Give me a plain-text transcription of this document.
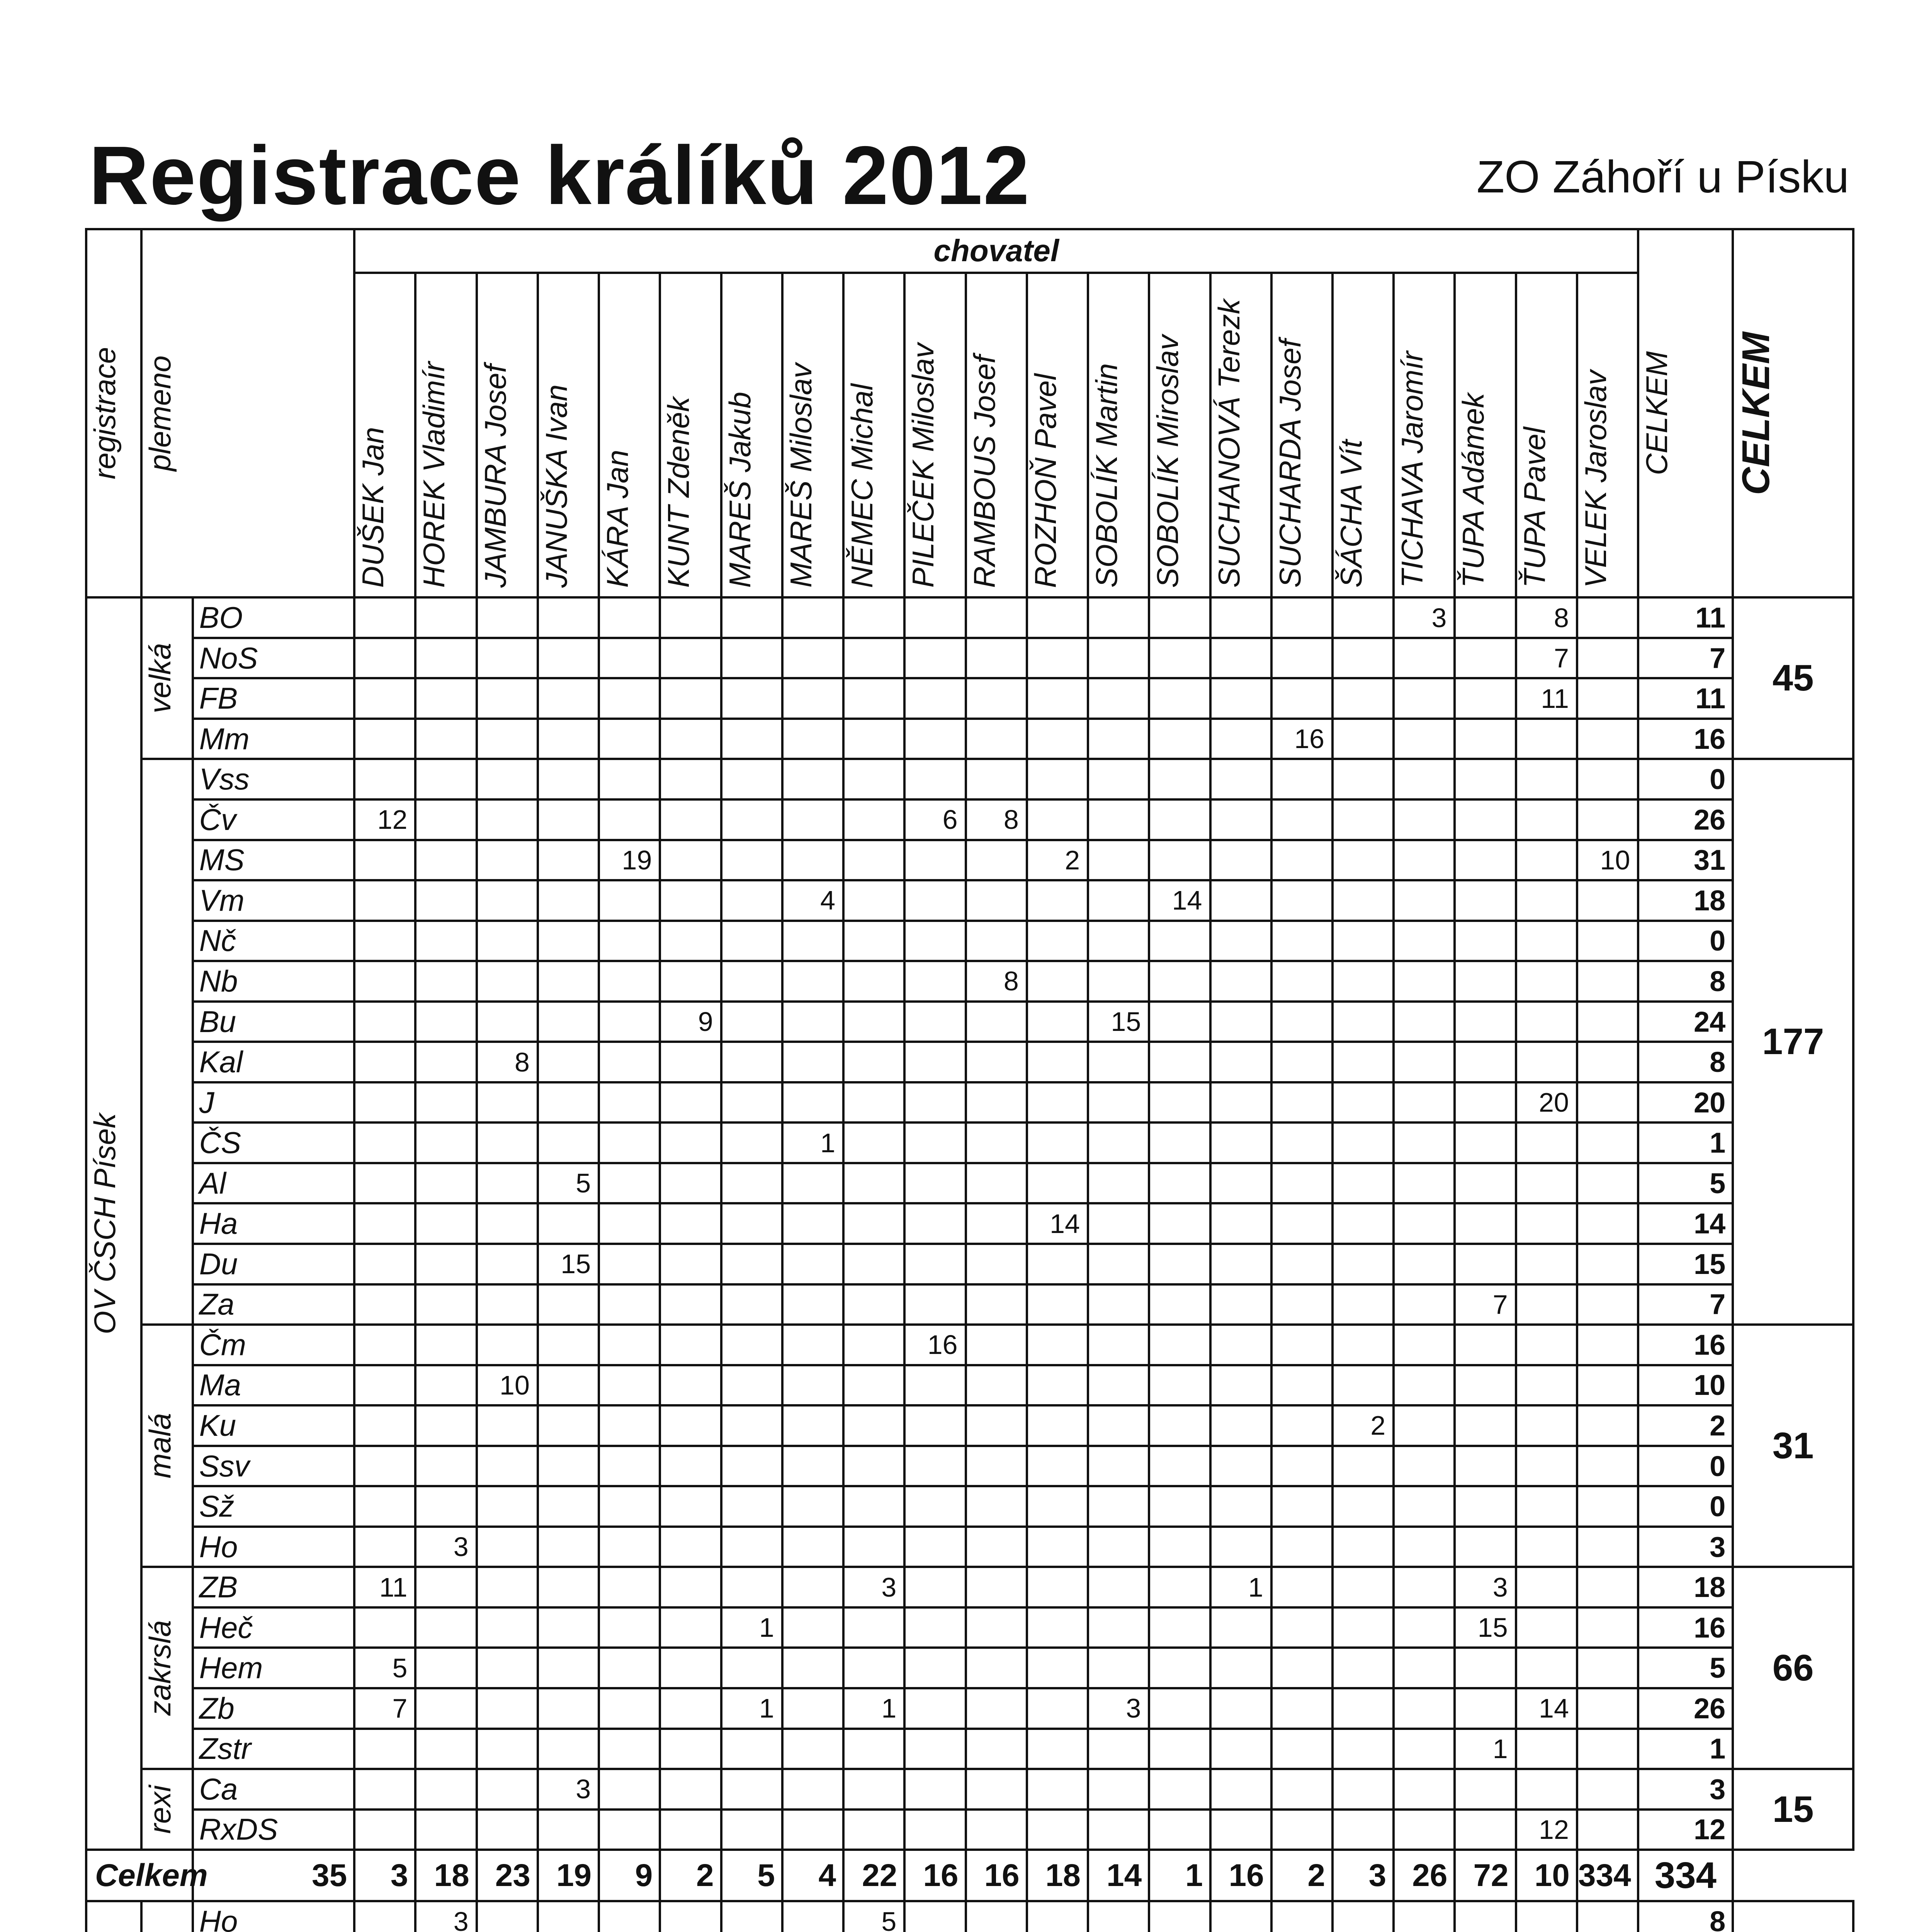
Registrace králíků 2012	ZO Záhoří u Písku
registrace	plemeno		chovatel																					CELKEM	CELKEM

			DUŠEK Jan	HOREK Vladimír	JAMBURA Josef	JANUŠKA Ivan	KÁRA Jan	KUNT Zdeněk	MAREŠ Jakub	MAREŠ Miloslav	NĚMEC Michal	PILEČEK Miloslav	RAMBOUS Josef	ROZHOŇ Pavel	SOBOLÍK Martin	SOBOLÍK Miroslav	SUCHANOVÁ Terezk	SUCHARDA Josef	ŠÁCHA Vít	TICHAVA Jaromír	ŤUPA Adámek	ŤUPA Pavel	VELEK Jaroslav		

OV ČSCH Písek	velká	BO																		3		8		11	45
		NoS																				7		7	
		FB																				11		11	
		Mm																16						16	

		Vss																						0	177
		Čv	12									6	8											26	
		MS					19							2									10	31	
		Vm								4						14								18	
		Nč																						0	
		Nb											8											8	
		Bu						9							15									24	
		Kal			8																			8	
		J																				20		20	
		ČS								1														1	
		Al				5																		5	
		Ha												14										14	
		Du				15																		15	
		Za																			7			7	

	malá	Čm										16												16	31
		Ma			10																			10	
		Ku																	2					2	
		Ssv																						0	
		Sž																						0	
		Ho		3																				3	

	zakrslá	ZB	11								3						1				3			18	66
		Heč							1												15			16	
		Hem	5																					5	
		Zb	7						1		1				3							14		26	
		Zstr																			1			1	

	rexi	Ca				3																		3	15
		RxDS																				12		12	
Celkem		35	3	18	23	19	9	2	5	4	22	16	16	18	14	1	16	2	3	26	72	10	334	334	

	Ho		3							5													8	
